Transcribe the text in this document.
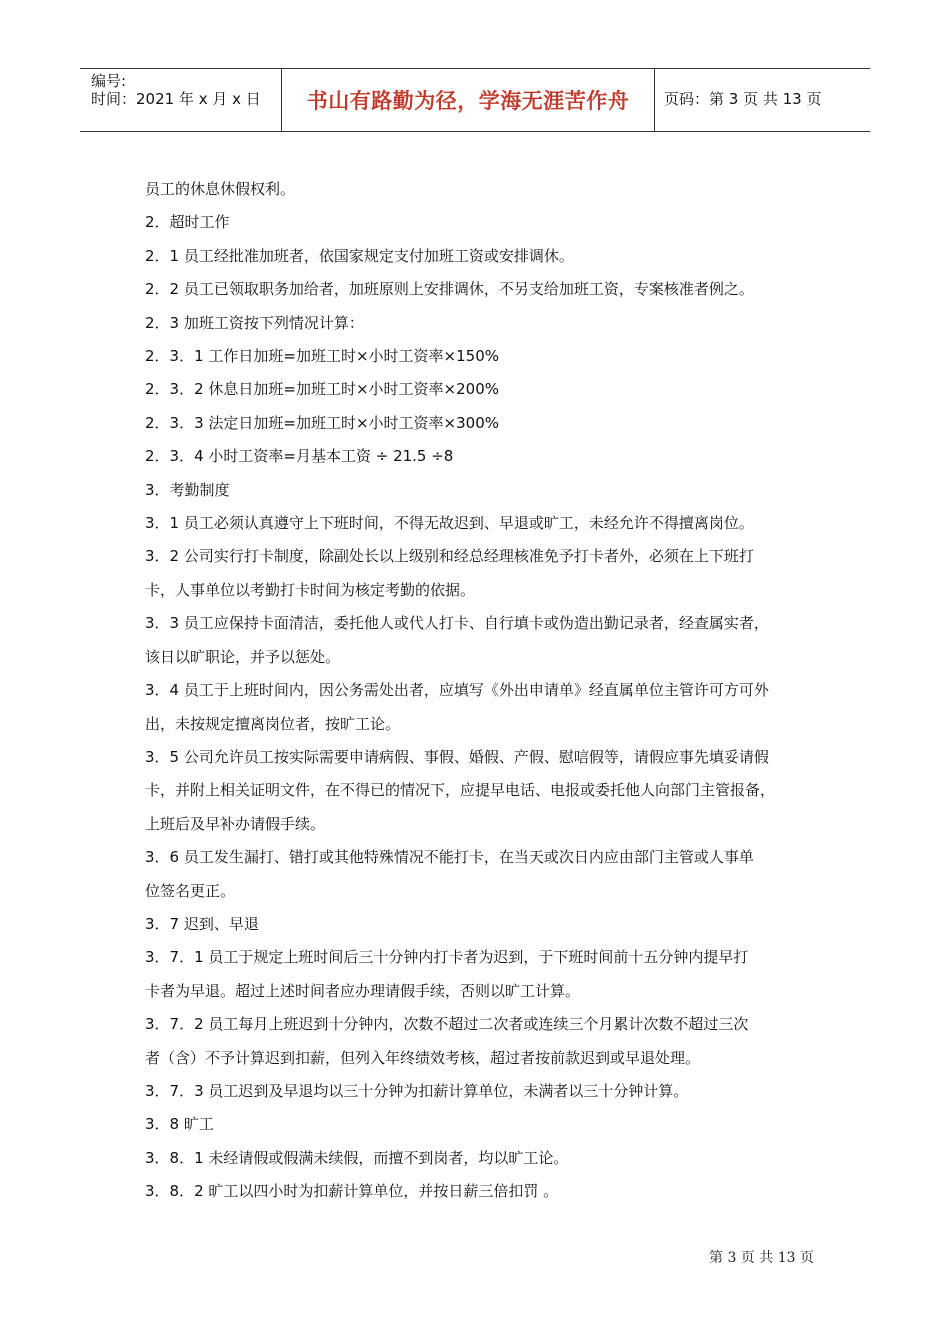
编号:
时间：2021 年 x 月 x 日	书山有路勤为径，学海无涯苦作舟	页码：第 3 页 共 13 页

员工的休息休假权利。

2．超时工作

2．1 员工经批准加班者，依国家规定支付加班工资或安排调休。

2．2 员工已领取职务加给者，加班原则上安排调休，不另支给加班工资，专案核准者例之。

2．3 加班工资按下列情况计算：

2．3．1 工作日加班=加班工时×小时工资率×150%

2．3．2 休息日加班=加班工时×小时工资率×200%

2．3．3 法定日加班=加班工时×小时工资率×300%

2．3．4 小时工资率=月基本工资 ÷ 21.5 ÷8

3．考勤制度

3．1 员工必须认真遵守上下班时间，不得无故迟到、早退或旷工，未经允许不得擅离岗位。

3．2 公司实行打卡制度，除副处长以上级别和经总经理核准免予打卡者外，必须在上下班打

卡，人事单位以考勤打卡时间为核定考勤的依据。

3．3 员工应保持卡面清洁，委托他人或代人打卡、自行填卡或伪造出勤记录者，经查属实者，

该日以旷职论，并予以惩处。

3．4 员工于上班时间内，因公务需处出者，应填写《外出申请单》经直属单位主管许可方可外

出，未按规定擅离岗位者，按旷工论。

3．5 公司允许员工按实际需要申请病假、事假、婚假、产假、慰唁假等，请假应事先填妥请假

卡，并附上相关证明文件，在不得已的情况下，应提早电话、电报或委托他人向部门主管报备，

上班后及早补办请假手续。

3．6 员工发生漏打、错打或其他特殊情况不能打卡，在当天或次日内应由部门主管或人事单

位签名更正。

3．7 迟到、早退

3．7．1 员工于规定上班时间后三十分钟内打卡者为迟到，于下班时间前十五分钟内提早打

卡者为早退。超过上述时间者应办理请假手续，否则以旷工计算。

3．7．2 员工每月上班迟到十分钟内，次数不超过二次者或连续三个月累计次数不超过三次

者（含）不予计算迟到扣薪，但列入年终绩效考核，超过者按前款迟到或早退处理。

3．7．3 员工迟到及早退均以三十分钟为扣薪计算单位，未满者以三十分钟计算。

3．8 旷工

3．8．1 未经请假或假满未续假，而擅不到岗者，均以旷工论。

3．8．2 旷工以四小时为扣薪计算单位，并按日薪三倍扣罚 。

第 3 页 共 13 页
